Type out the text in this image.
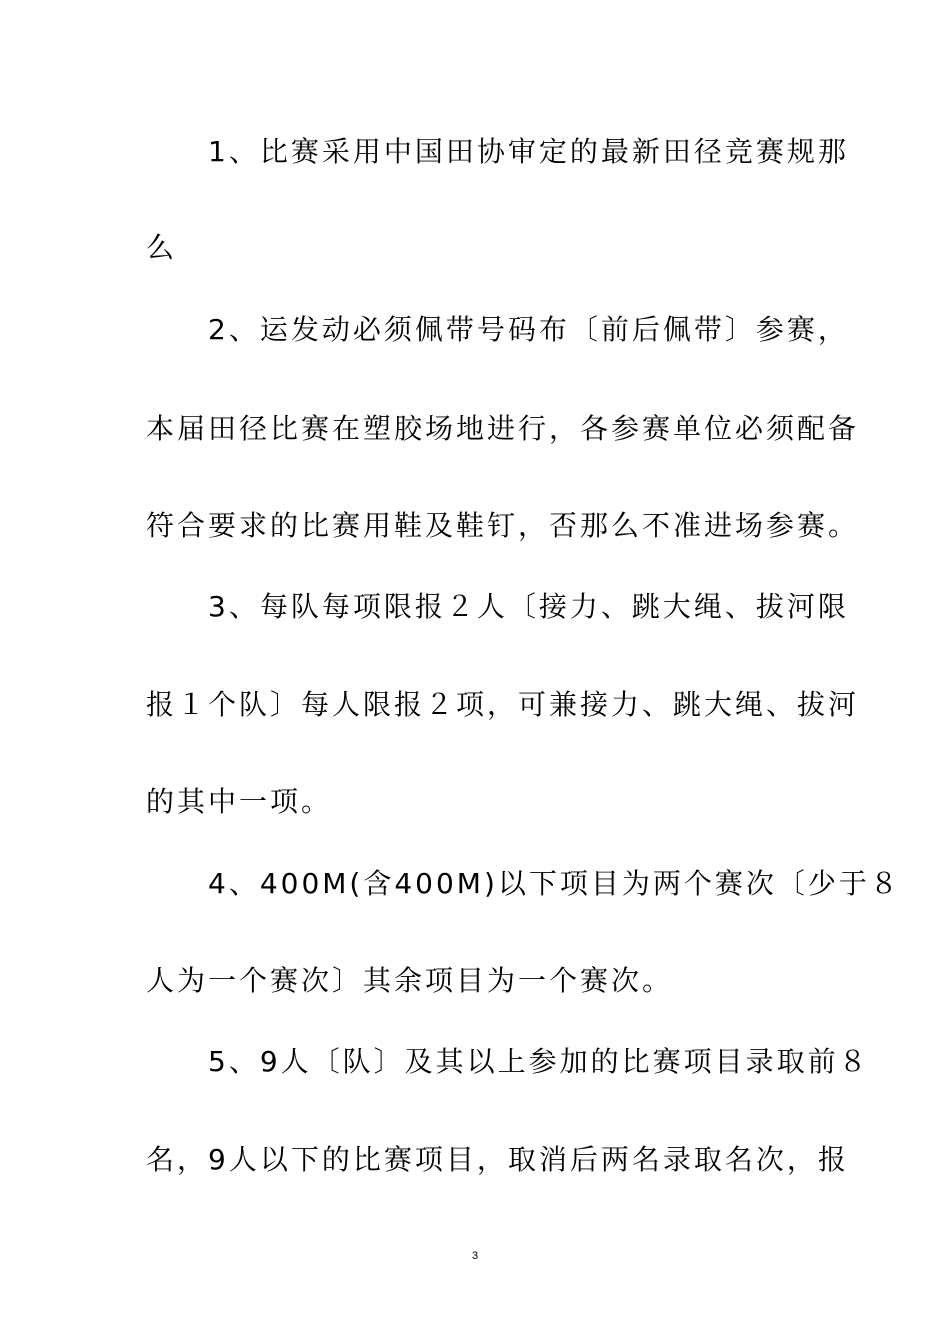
　　1、比赛采用中国田协审定的最新田径竞赛规那

么

　　2、运发动必须佩带号码布〔前后佩带〕参赛，

本届田径比赛在塑胶场地进行，各参赛单位必须配备

符合要求的比赛用鞋及鞋钉，否那么不准进场参赛。

　　3、每队每项限报２人〔接力、跳大绳、拔河限

报１个队〕每人限报２项，可兼接力、跳大绳、拔河

的其中一项。

　　4、400M(含400M)以下项目为两个赛次〔少于８

人为一个赛次〕其余项目为一个赛次。

　　5、9人〔队〕及其以上参加的比赛项目录取前８

名，9人以下的比赛项目，取消后两名录取名次，报

3
